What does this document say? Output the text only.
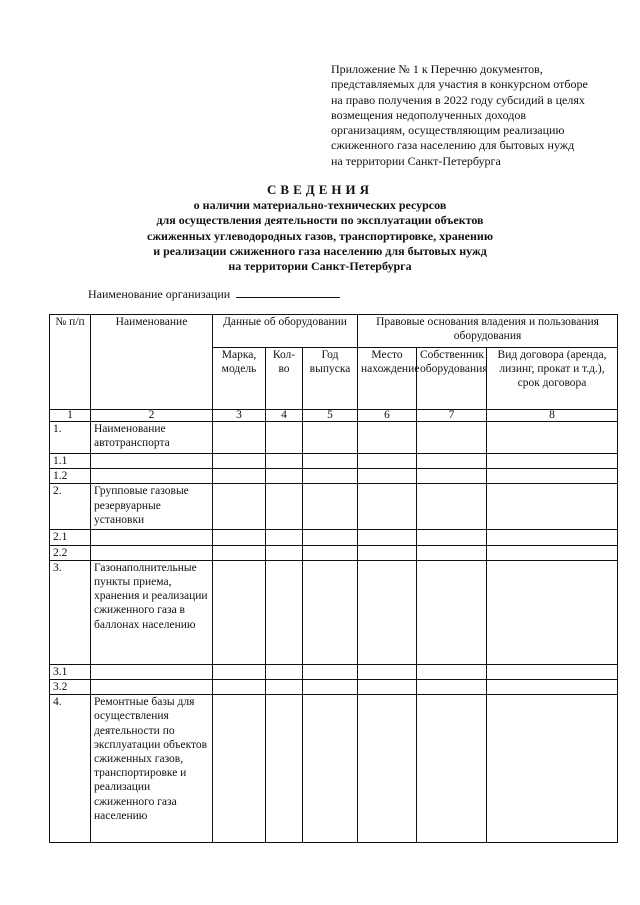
Приложение № 1 к Перечню документов,
представляемых для участия в конкурсном отборе
на право получения в 2022 году субсидий в целях
возмещения недополученных доходов
организациям, осуществляющим реализацию
сжиженного газа населению для бытовых нужд
на территории Санкт-Петербурга
СВЕДЕНИЯ
о наличии материально-технических ресурсов
для осуществления деятельности по эксплуатации объектов
сжиженных углеводородных газов, транспортировке, хранению
и реализации сжиженного газа населению для бытовых нужд
на территории Санкт-Петербурга
Наименование организации
№ п/п	Наименование	Данные об оборудовании			Правовые основания владения и пользования оборудования		
		Марка, модель	Кол-во	Год выпуска	Место нахождение	Собственник оборудования	Вид договора (аренда, лизинг, прокат и т.д.), срок договора
1	2	3	4	5	6	7	8
1.	Наименование автотранспорта						
1.1							
1.2							
2.	Групповые газовые резервуарные установки						
2.1							
2.2							
3.	Газонаполнительные пункты приема, хранения и реализации сжиженного газа в баллонах населению						
3.1							
3.2							
4.	Ремонтные базы для осуществления деятельности по эксплуатации объектов сжиженных газов, транспортировке и реализации сжиженного газа населению						
